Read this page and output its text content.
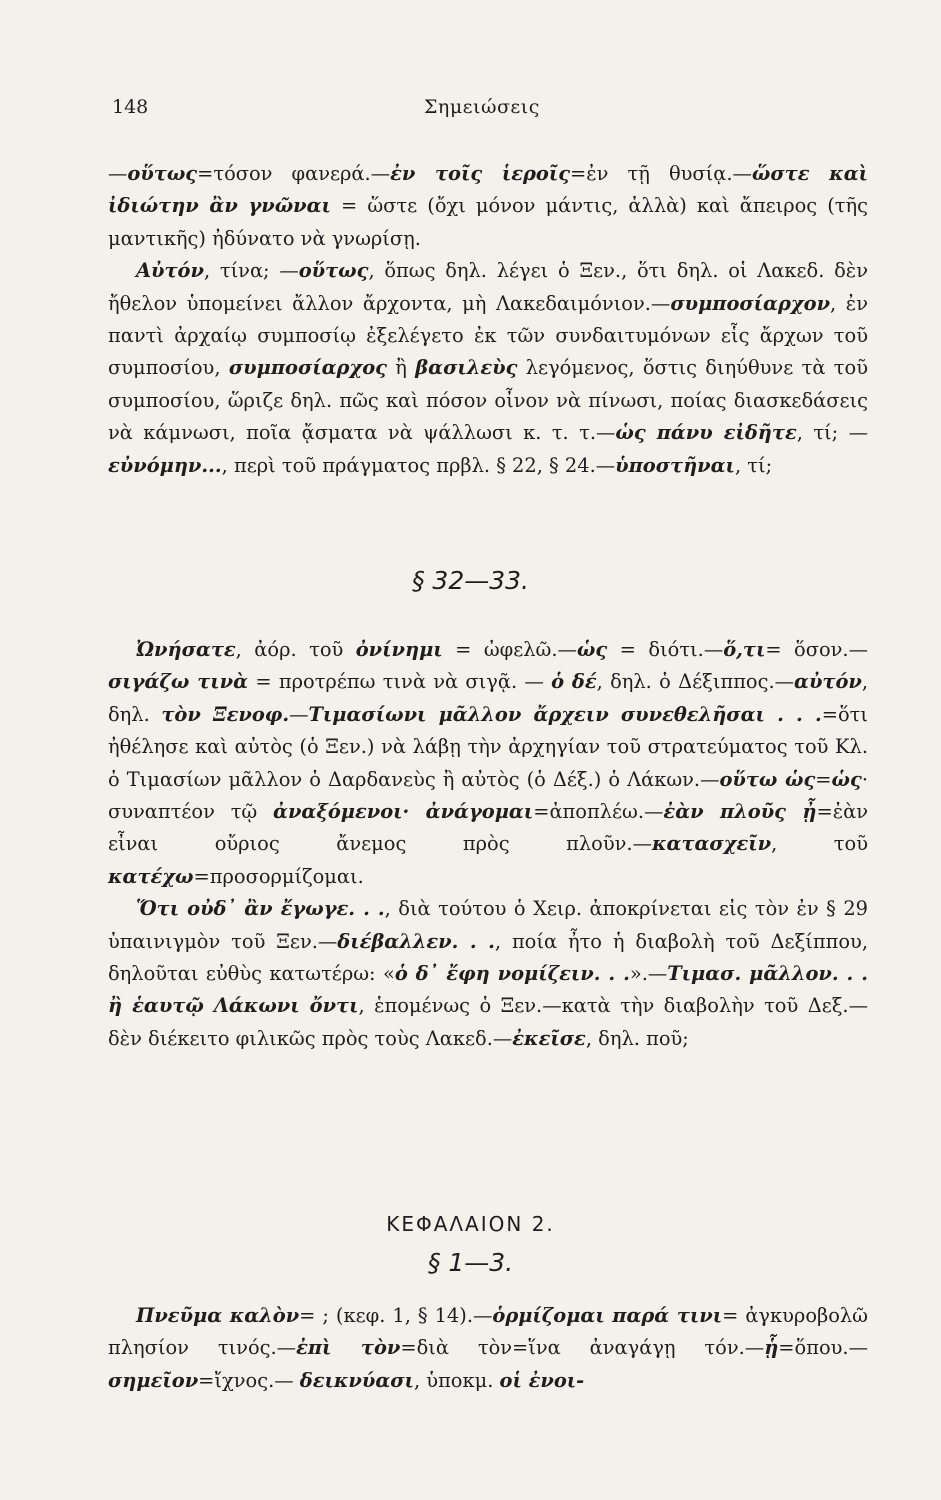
148	Σημειώσεις

—οὕτως=τόσον φανερά.—ἐν τοῖς ἱεροῖς=ἐν τῇ θυσίᾳ.—ὥστε καὶ ἰδιώτην ἂν γνῶναι = ὥστε (ὄχι μόνον μάντις, ἀλλὰ) καὶ ἄπειρος (τῆς μαντικῆς) ἠδύνατο νὰ γνωρίσῃ.

Αὐτόν, τίνα; —οὕτως, ὅπως δηλ. λέγει ὁ Ξεν., ὅτι δηλ. οἱ Λακεδ. δὲν ἤθελον ὑπομείνει ἄλλον ἄρχοντα, μὴ Λακεδαιμόνιον.—συμποσίαρχον, ἐν παντὶ ἀρχαίῳ συμποσίῳ ἐξελέγετο ἐκ τῶν συνδαιτυμόνων εἷς ἄρχων τοῦ συμποσίου, συμποσίαρχος ἢ βασιλεὺς λεγόμενος, ὅστις διηύθυνε τὰ τοῦ συμποσίου, ὥριζε δηλ. πῶς καὶ πόσον οἶνον νὰ πίνωσι, ποίας διασκεδάσεις νὰ κάμνωσι, ποῖα ᾄσματα νὰ ψάλλωσι κ. τ. τ.—ὡς πάνυ εἰδῆτε, τί; —εὐνόμην..., περὶ τοῦ πράγματος πρβλ. § 22, § 24.—ὑποστῆναι, τί;

§ 32—33.

Ὠνήσατε, ἀόρ. τοῦ ὀνίνημι = ὠφελῶ.—ὡς = διότι.—ὅ,τι= ὅσον.—σιγάζω τινὰ = προτρέπω τινὰ νὰ σιγᾷ. — ὁ δέ, δηλ. ὁ Δέξιππος.—αὐτόν, δηλ. τὸν Ξενοφ.—Τιμασίωνι μᾶλλον ἄρχειν συνεθελῆσαι . . .=ὅτι ἠθέλησε καὶ αὐτὸς (ὁ Ξεν.) νὰ λάβῃ τὴν ἀρχηγίαν τοῦ στρατεύματος τοῦ Κλ. ὁ Τιμασίων μᾶλλον ὁ Δαρδανεὺς ἢ αὐτὸς (ὁ Δέξ.) ὁ Λάκων.—οὕτω ὡς=ὡς· συναπτέον τῷ ἀναξόμενοι· ἀνάγομαι=ἀποπλέω.—ἐὰν πλοῦς ᾖ=ἐὰν εἶναι οὔριος ἄνεμος πρὸς πλοῦν.—κατασχεῖν, τοῦ κατέχω=προσορμίζομαι.

Ὅτι οὐδ᾽ ἂν ἔγωγε. . ., διὰ τούτου ὁ Χειρ. ἀποκρίνεται εἰς τὸν ἐν § 29 ὑπαινιγμὸν τοῦ Ξεν.—διέβαλλεν. . ., ποία ἦτο ἡ διαβολὴ τοῦ Δεξίππου, δηλοῦται εὐθὺς κατωτέρω: «ὁ δ᾽ ἔφη νομίζειν. . .».—Τιμασ. μᾶλλον. . . ἢ ἑαυτῷ Λάκωνι ὄντι, ἑπομένως ὁ Ξεν.—κατὰ τὴν διαβολὴν τοῦ Δεξ.—δὲν διέκειτο φιλικῶς πρὸς τοὺς Λακεδ.—ἐκεῖσε, δηλ. ποῦ;

ΚΕΦΑΛΑΙΟΝ 2.
§ 1—3.

Πνεῦμα καλὸν= ; (κεφ. 1, § 14).—ὁρμίζομαι παρά τινι= ἀγκυροβολῶ πλησίον τινός.—ἐπὶ τὸν=διὰ τὸν=ἵνα ἀναγάγῃ τόν.—ᾗ=ὅπου.—σημεῖον=ἴχνος.— δεικνύασι, ὑποκμ. οἱ ἐνοι-
